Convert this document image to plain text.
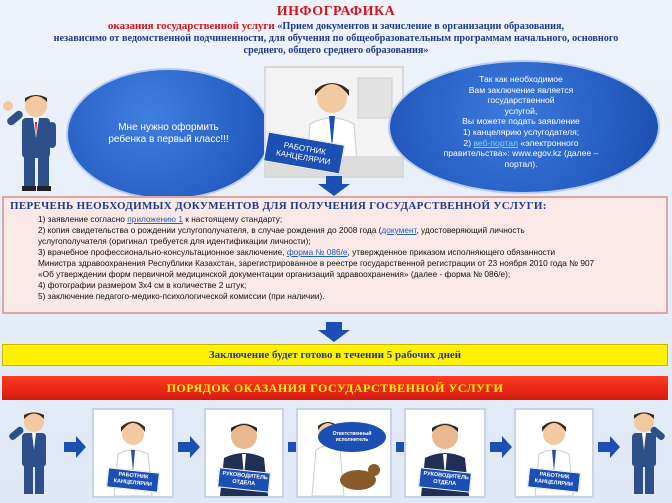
ИНФОГРАФИКА
оказания государственной услуги «Прием документов и зачисление в организации образования,
независимо от ведомственной подчиненности, для обучения по общеобразовательным программам начального, основного
среднего, общего среднего образования»
Мне нужно оформить ребенка в первый класс!!!
РАБОТНИК КАНЦЕЛЯРИИ
Так как необходимое
Вам заключение является государственной
услугой,
Вы можете подать заявление
1) канцелярию услугодателя;
2) веб-портал «электронного
правительства»: www.egov.kz (далее –
портал).
ПЕРЕЧЕНЬ НЕОБХОДИМЫХ ДОКУМЕНТОВ ДЛЯ ПОЛУЧЕНИЯ ГОСУДАРСТВЕННОЙ УСЛУГИ:
1) заявление согласно приложению 1 к настоящему стандарту;
2) копия свидетельства о рождении услугополучателя, в случае рождения до 2008 года (документ, удостоверяющий личность
услугополучателя (оригинал требуется для идентификации личности);
3) врачебное профессионально-консультационное заключение, форма № 086/e, утвержденное приказом исполняющего обязанности
Министра здравоохранения Республики Казахстан, зарегистрированное в реестре государственной регистрации от 23 ноября 2010 года № 907
«Об утверждении форм первичной медицинской документации организаций здравоохранения» (далее - форма № 086/е);
4) фотографии размером 3х4 см в количестве 2 штук;
5) заключение педагого-медико-психологической комиссии (при наличии).
Заключение будет готово в течении 5 рабочих дней
ПОРЯДОК ОКАЗАНИЯ ГОСУДАРСТВЕННОЙ УСЛУГИ
РАБОТНИК КАНЦЕЛЯРИИ
РУКОВОДИТЕЛЬ ОТДЕЛА
Ответственный исполнитель
РУКОВОДИТЕЛЬ ОТДЕЛА
РАБОТНИК КАНЦЕЛЯРИИ
